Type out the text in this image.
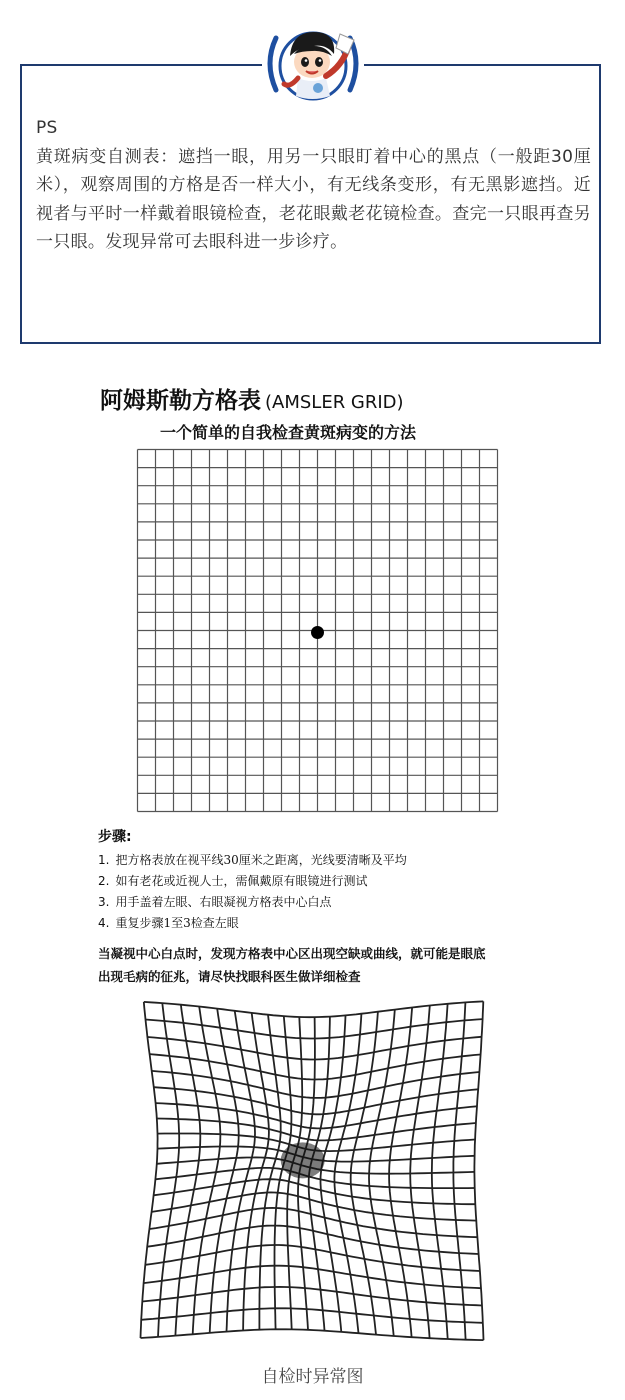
PS
黄斑病变自测表：遮挡一眼，用另一只眼盯着中心的黑点（一般距30厘米），观察周围的方格是否一样大小，有无线条变形，有无黑影遮挡。近视者与平时一样戴着眼镜检查，老花眼戴老花镜检查。查完一只眼再查另一只眼。发现异常可去眼科进一步诊疗。
阿姆斯勒方格表 (AMSLER GRID)
一个简单的自我检查黄斑病变的方法
步骤:
1. 把方格表放在视平线30厘米之距离，光线要清晰及平均
2. 如有老花或近视人士，需佩戴原有眼镜进行测试
3. 用手盖着左眼、右眼凝视方格表中心白点
4. 重复步骤1至3检查左眼
当凝视中心白点时，发现方格表中心区出现空缺或曲线，就可能是眼底
出现毛病的征兆，请尽快找眼科医生做详细检查
自检时异常图
